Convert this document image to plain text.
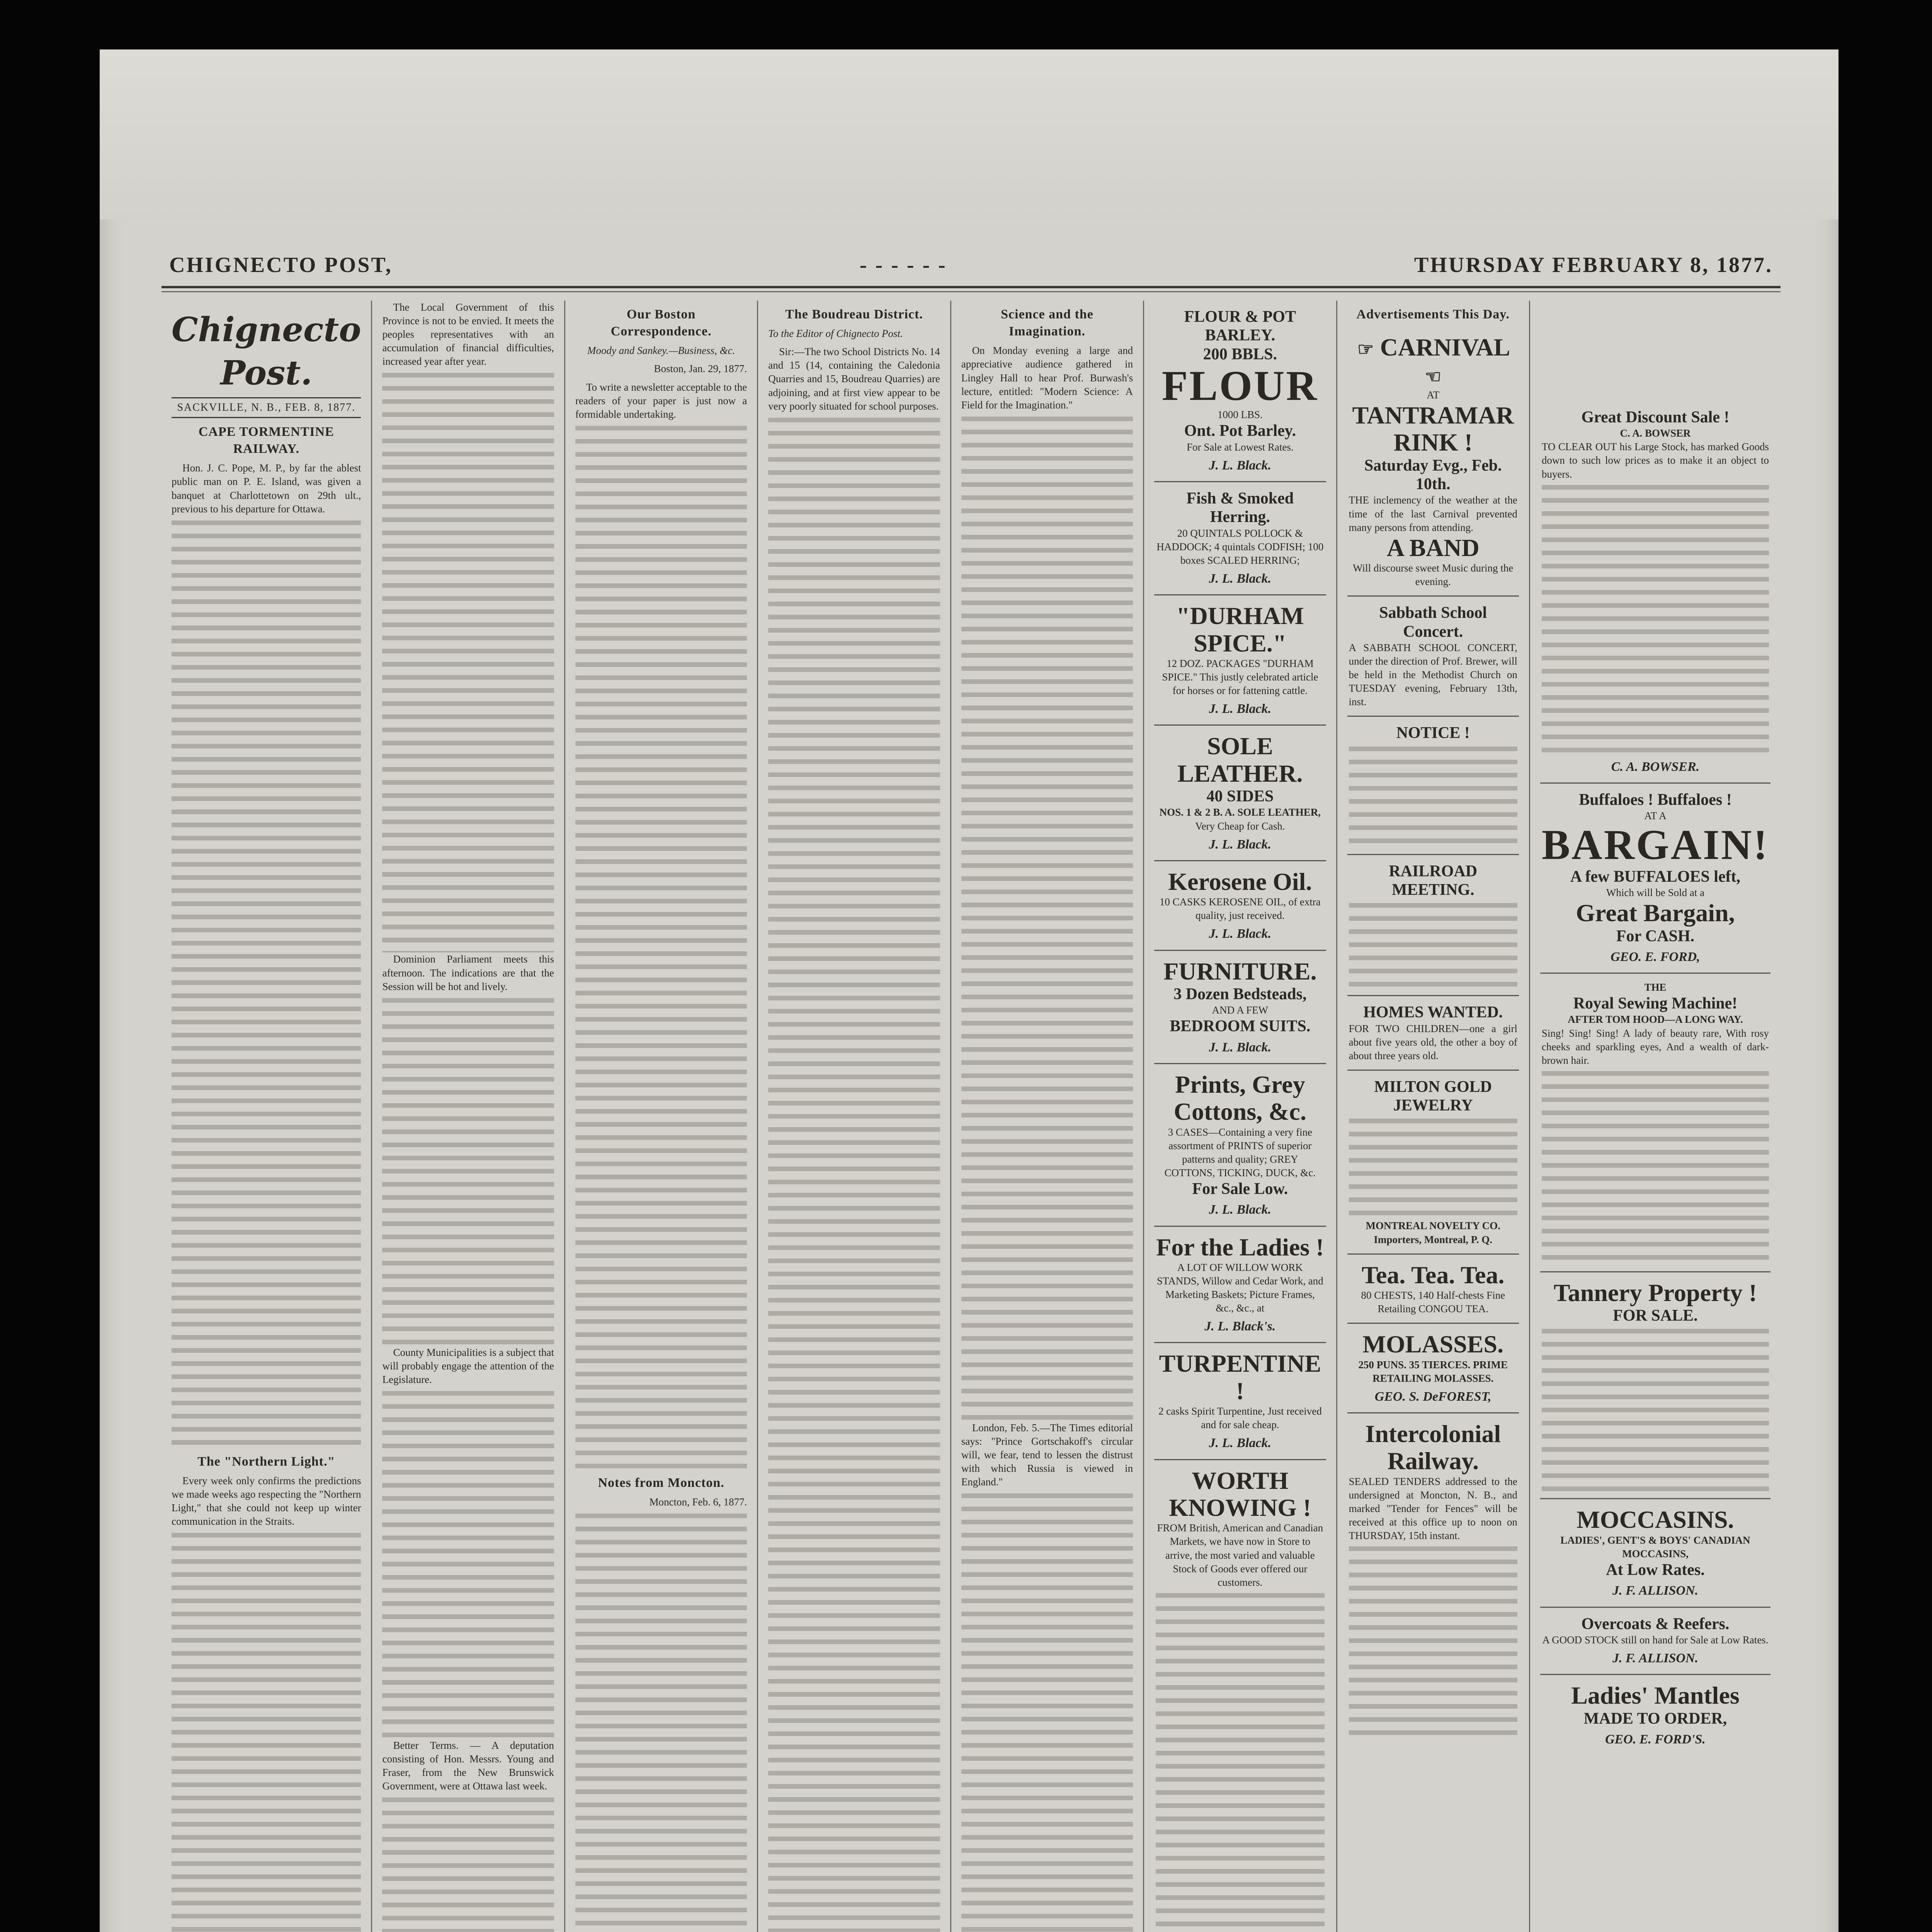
CHIGNECTO POST,	- - - - - -	THURSDAY FEBRUARY 8, 1877.
Chignecto Post.
SACKVILLE, N. B., FEB. 8, 1877.
CAPE TORMENTINE RAILWAY.

Hon. J. C. Pope, M. P., by far the ablest public man on P. E. Island, was given a banquet at Charlottetown on 29th ult., previous to his departure for Ottawa.

The "Northern Light."

Every week only confirms the predictions we made weeks ago respecting the "Northern Light," that she could not keep up winter communication in the Straits.

The Local Government of this Province is not to be envied. It meets the peoples representatives with an accumulation of financial difficulties, increased year after year.

Dominion Parliament meets this afternoon. The indications are that the Session will be hot and lively.

County Municipalities is a subject that will probably engage the attention of the Legislature.

Better Terms. — A deputation consisting of Hon. Messrs. Young and Fraser, from the New Brunswick Government, were at Ottawa last week.

Our Boston Correspondence.

Moody and Sankey.—Business, &c.

Boston, Jan. 29, 1877.

To write a newsletter acceptable to the readers of your paper is just now a formidable undertaking.

Notes from Moncton.

Moncton, Feb. 6, 1877.

The Boudreau District.

To the Editor of Chignecto Post.

Sir:—The two School Districts No. 14 and 15 (14, containing the Caledonia Quarries and 15, Boudreau Quarries) are adjoining, and at first view appear to be very poorly situated for school purposes.

Science and the Imagination.

On Monday evening a large and appreciative audience gathered in Lingley Hall to hear Prof. Burwash's lecture, entitled: "Modern Science: A Field for the Imagination."

London, Feb. 5.—The Times editorial says: "Prince Gortschakoff's circular will, we fear, tend to lessen the distrust with which Russia is viewed in England."

FLOUR & POT BARLEY.
200 BBLS.
FLOUR
1000 LBS.
Ont. Pot Barley.
For Sale at Lowest Rates.
J. L. Black.
Fish & Smoked Herring.
20 QUINTALS POLLOCK & HADDOCK; 4 quintals CODFISH; 100 boxes SCALED HERRING;
J. L. Black.
"DURHAM SPICE."
12 DOZ. PACKAGES "DURHAM SPICE." This justly celebrated article for horses or for fattening cattle.
J. L. Black.
SOLE LEATHER.
40 SIDES
NOS. 1 & 2 B. A. SOLE LEATHER,
Very Cheap for Cash.
J. L. Black.
Kerosene Oil.
10 CASKS KEROSENE OIL, of extra quality, just received.
J. L. Black.
FURNITURE.
3 Dozen Bedsteads,
AND A FEW
BEDROOM SUITS.
J. L. Black.
Prints, Grey Cottons, &c.
3 CASES—Containing a very fine assortment of PRINTS of superior patterns and quality; GREY COTTONS, TICKING, DUCK, &c.
For Sale Low.
J. L. Black.
For the Ladies !
A LOT OF WILLOW WORK STANDS, Willow and Cedar Work, and Marketing Baskets; Picture Frames, &c., &c., at
J. L. Black's.
TURPENTINE !
2 casks Spirit Turpentine, Just received and for sale cheap.
J. L. Black.
WORTH KNOWING !
FROM British, American and Canadian Markets, we have now in Store to arrive, the most varied and valuable Stock of Goods ever offered our customers.
Advertisements This Day.
☞ CARNIVAL ☜
AT
TANTRAMAR RINK !
Saturday Evg., Feb. 10th.
THE inclemency of the weather at the time of the last Carnival prevented many persons from attending.
A BAND
Will discourse sweet Music during the evening.
Sabbath School Concert.
A SABBATH SCHOOL CONCERT, under the direction of Prof. Brewer, will be held in the Methodist Church on TUESDAY evening, February 13th, inst.
NOTICE !
RAILROAD MEETING.
HOMES WANTED.
FOR TWO CHILDREN—one a girl about five years old, the other a boy of about three years old.
MILTON GOLD JEWELRY
MONTREAL NOVELTY CO. Importers, Montreal, P. Q.
Tea. Tea. Tea.
80 CHESTS, 140 Half-chests Fine Retailing CONGOU TEA.
MOLASSES.
250 PUNS. 35 TIERCES. PRIME RETAILING MOLASSES.
GEO. S. DeFOREST,
Intercolonial Railway.
SEALED TENDERS addressed to the undersigned at Moncton, N. B., and marked "Tender for Fences" will be received at this office up to noon on THURSDAY, 15th instant.
Great Discount Sale !
C. A. BOWSER
TO CLEAR OUT his Large Stock, has marked Goods down to such low prices as to make it an object to buyers.
C. A. BOWSER.
Buffaloes ! Buffaloes !
AT A
BARGAIN!
A few BUFFALOES left,
Which will be Sold at a
Great Bargain,
For CASH.
GEO. E. FORD,
THE
Royal Sewing Machine!
AFTER TOM HOOD—A LONG WAY.
Sing! Sing! Sing! A lady of beauty rare, With rosy cheeks and sparkling eyes, And a wealth of dark-brown hair.
Tannery Property !
FOR SALE.
MOCCASINS.
LADIES', GENT'S & BOYS' CANADIAN MOCCASINS,
At Low Rates.
J. F. ALLISON.
Overcoats & Reefers.
A GOOD STOCK still on hand for Sale at Low Rates.
J. F. ALLISON.
Ladies' Mantles
MADE TO ORDER,
GEO. E. FORD'S.
